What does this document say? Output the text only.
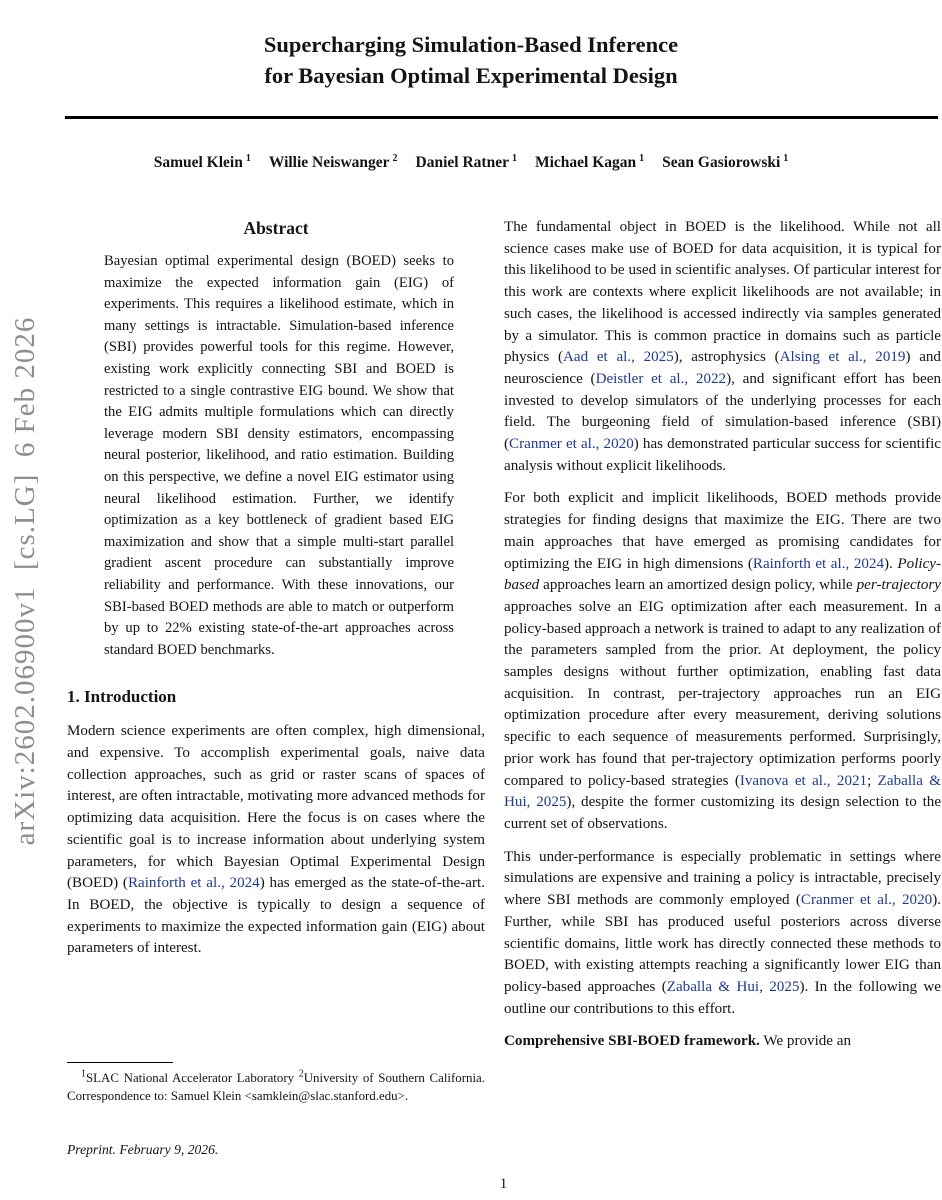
arXiv:2602.06900v1  [cs.LG]  6 Feb 2026
Supercharging Simulation-Based Inference
for Bayesian Optimal Experimental Design
Samuel Klein $^1$ Willie Neiswanger $^2$ Daniel Ratner $^1$ Michael Kagan $^1$ Sean Gasiorowski $^1$
Abstract
Bayesian optimal experimental design (BOED) seeks to maximize the expected information gain (EIG) of experiments. This requires a likelihood estimate, which in many settings is intractable. Simulation-based inference (SBI) provides powerful tools for this regime. However, existing work explicitly connecting SBI and BOED is restricted to a single contrastive EIG bound. We show that the EIG admits multiple formulations which can directly leverage modern SBI density estimators, encompassing neural posterior, likelihood, and ratio estimation. Building on this perspective, we define a novel EIG estimator using neural likelihood estimation. Further, we identify optimization as a key bottleneck of gradient based EIG maximization and show that a simple multi-start parallel gradient ascent procedure can substantially improve reliability and performance. With these innovations, our SBI-based BOED methods are able to match or outperform by up to 22% existing state-of-the-art approaches across standard BOED benchmarks.
1. Introduction
Modern science experiments are often complex, high dimensional, and expensive. To accomplish experimental goals, naive data collection approaches, such as grid or raster scans of spaces of interest, are often intractable, motivating more advanced methods for optimizing data acquisition. Here the focus is on cases where the scientific goal is to increase information about underlying system parameters, for which Bayesian Optimal Experimental Design (BOED) (Rainforth et al., 2024) has emerged as the state-of-the-art. In BOED, the objective is typically to design a sequence of experiments to maximize the expected information gain (EIG) about parameters of interest.
The fundamental object in BOED is the likelihood. While not all science cases make use of BOED for data acquisition, it is typical for this likelihood to be used in scientific analyses. Of particular interest for this work are contexts where explicit likelihoods are not available; in such cases, the likelihood is accessed indirectly via samples generated by a simulator. This is common practice in domains such as particle physics (Aad et al., 2025), astrophysics (Alsing et al., 2019) and neuroscience (Deistler et al., 2022), and significant effort has been invested to develop simulators of the underlying processes for each field. The burgeoning field of simulation-based inference (SBI) (Cranmer et al., 2020) has demonstrated particular success for scientific analysis without explicit likelihoods.
For both explicit and implicit likelihoods, BOED methods provide strategies for finding designs that maximize the EIG. There are two main approaches that have emerged as promising candidates for optimizing the EIG in high dimensions (Rainforth et al., 2024). Policy-based approaches learn an amortized design policy, while per-trajectory approaches solve an EIG optimization after each measurement. In a policy-based approach a network is trained to adapt to any realization of the parameters sampled from the prior. At deployment, the policy samples designs without further optimization, enabling fast data acquisition. In contrast, per-trajectory approaches run an EIG optimization procedure after every measurement, deriving solutions specific to each sequence of measurements performed. Surprisingly, prior work has found that per-trajectory optimization performs poorly compared to policy-based strategies (Ivanova et al., 2021; Zaballa & Hui, 2025), despite the former customizing its design selection to the current set of observations.
This under-performance is especially problematic in settings where simulations are expensive and training a policy is intractable, precisely where SBI methods are commonly employed (Cranmer et al., 2020). Further, while SBI has produced useful posteriors across diverse scientific domains, little work has directly connected these methods to BOED, with existing attempts reaching a significantly lower EIG than policy-based approaches (Zaballa & Hui, 2025). In the following we outline our contributions to this effort.
Comprehensive SBI-BOED framework. We provide an
$^1$SLAC National Accelerator Laboratory $^2$University of Southern California. Correspondence to: Samuel Klein <samklein@slac.stanford.edu>.
Preprint. February 9, 2026.
1
